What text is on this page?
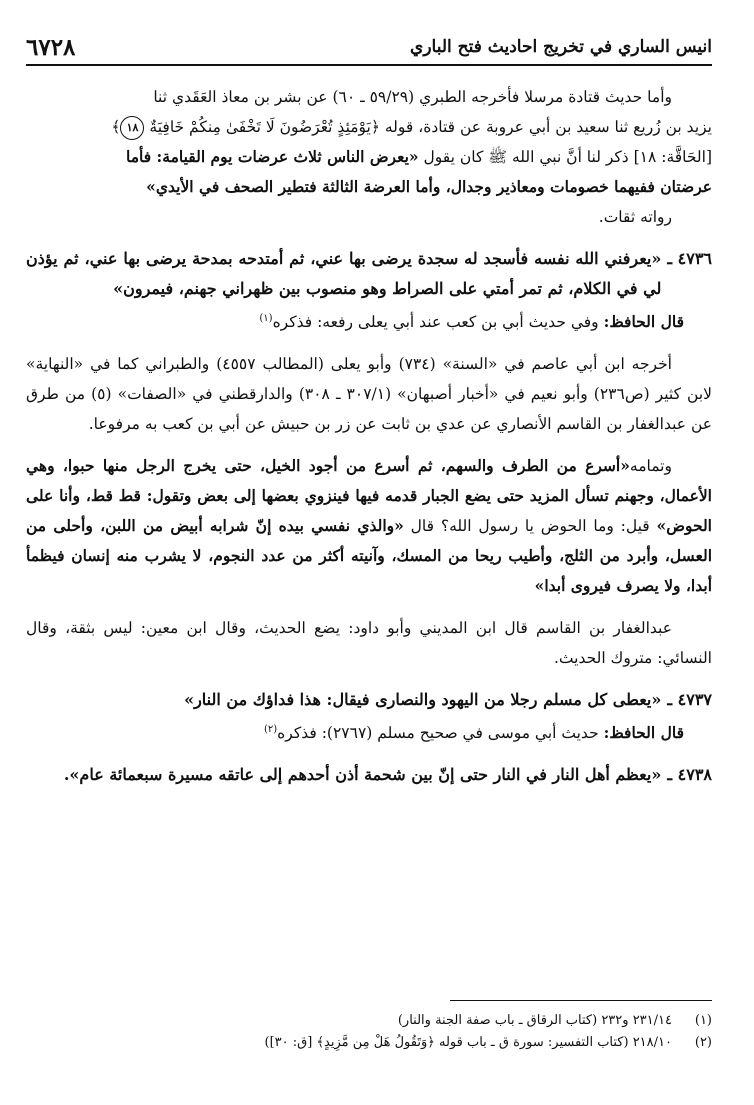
انيس الساري في تخريج احاديث فتح الباري
٦٧٢٨

وأما حديث قتادة مرسلا فأخرجه الطبري (٥٩/٢٩ ـ ٦٠) عن بشر بن معاذ العَقَدي ثنا

يزيد بن زُريع ثنا سعيد بن أبي عروبة عن قتادة، قوله ﴿يَوْمَئِذٍ تُعْرَضُونَ لَا تَخْفَىٰ مِنكُمْ خَافِيَةٌ ١٨﴾

[الحَاقَّة: ١٨] ذكر لنا أنَّ نبي الله ﷺ كان يقول «يعرض الناس ثلاث عرضات يوم القيامة: فأما

عرضتان ففيهما خصومات ومعاذير وجدال، وأما العرضة الثالثة فتطير الصحف في الأيدي»

رواته ثقات.

٤٧٣٦ ـ
«يعرفني الله نفسه فأسجد له سجدة يرضى بها عني، ثم أمتدحه بمدحة يرضى بها عني، ثم يؤذن لي في الكلام، ثم تمر أمتي على الصراط وهو منصوب بين ظهراني جهنم، فيمرون»

قال الحافظ: وفي حديث أبي بن كعب عند أبي يعلى رفعه: فذكره$^{(١)}$

أخرجه ابن أبي عاصم في «السنة» (٧٣٤) وأبو يعلى (المطالب ٤٥٥٧) والطبراني كما في «النهاية» لابن كثير (ص٢٣٦) وأبو نعيم في «أخبار أصبهان» (٣٠٧/١ ـ ٣٠٨) والدارقطني في «الصفات» (٥) من طرق عن عبدالغفار بن القاسم الأنصاري عن عدي بن ثابت عن زر بن حبيش عن أبي بن كعب به مرفوعا.

وتمامه«أسرع من الطرف والسهم، ثم أسرع من أجود الخيل، حتى يخرج الرجل منها حبوا، وهي الأعمال، وجهنم تسأل المزيد حتى يضع الجبار قدمه فيها فينزوي بعضها إلى بعض وتقول: قط قط، وأنا على الحوض» قيل: وما الحوض يا رسول الله؟ قال «والذي نفسي بيده إنّ شرابه أبيض من اللبن، وأحلى من العسل، وأبرد من الثلج، وأطيب ريحا من المسك، وآنيته أكثر من عدد النجوم، لا يشرب منه إنسان فيظمأ أبدا، ولا يصرف فيروى أبدا»

عبدالغفار بن القاسم قال ابن المديني وأبو داود: يضع الحديث، وقال ابن معين: ليس بثقة، وقال النسائي: متروك الحديث.

٤٧٣٧ ـ
«يعطى كل مسلم رجلا من اليهود والنصارى فيقال: هذا فداؤك من النار»

قال الحافظ: حديث أبي موسى في صحيح مسلم (٢٧٦٧): فذكره$^{(٢)}$

٤٧٣٨ ـ
«يعظم أهل النار في النار حتى إنّ بين شحمة أذن أحدهم إلى عاتقه مسيرة سبعمائة عام».
(١)
٢٣١/١٤ و٢٣٢ (كتاب الرقاق ـ باب صفة الجنة والنار)
(٢)
٢١٨/١٠ (كتاب التفسير: سورة ق ـ باب قوله ﴿وَتَقُولُ هَلْ مِن مَّزِيدٍ﴾ [ق: ٣٠])
